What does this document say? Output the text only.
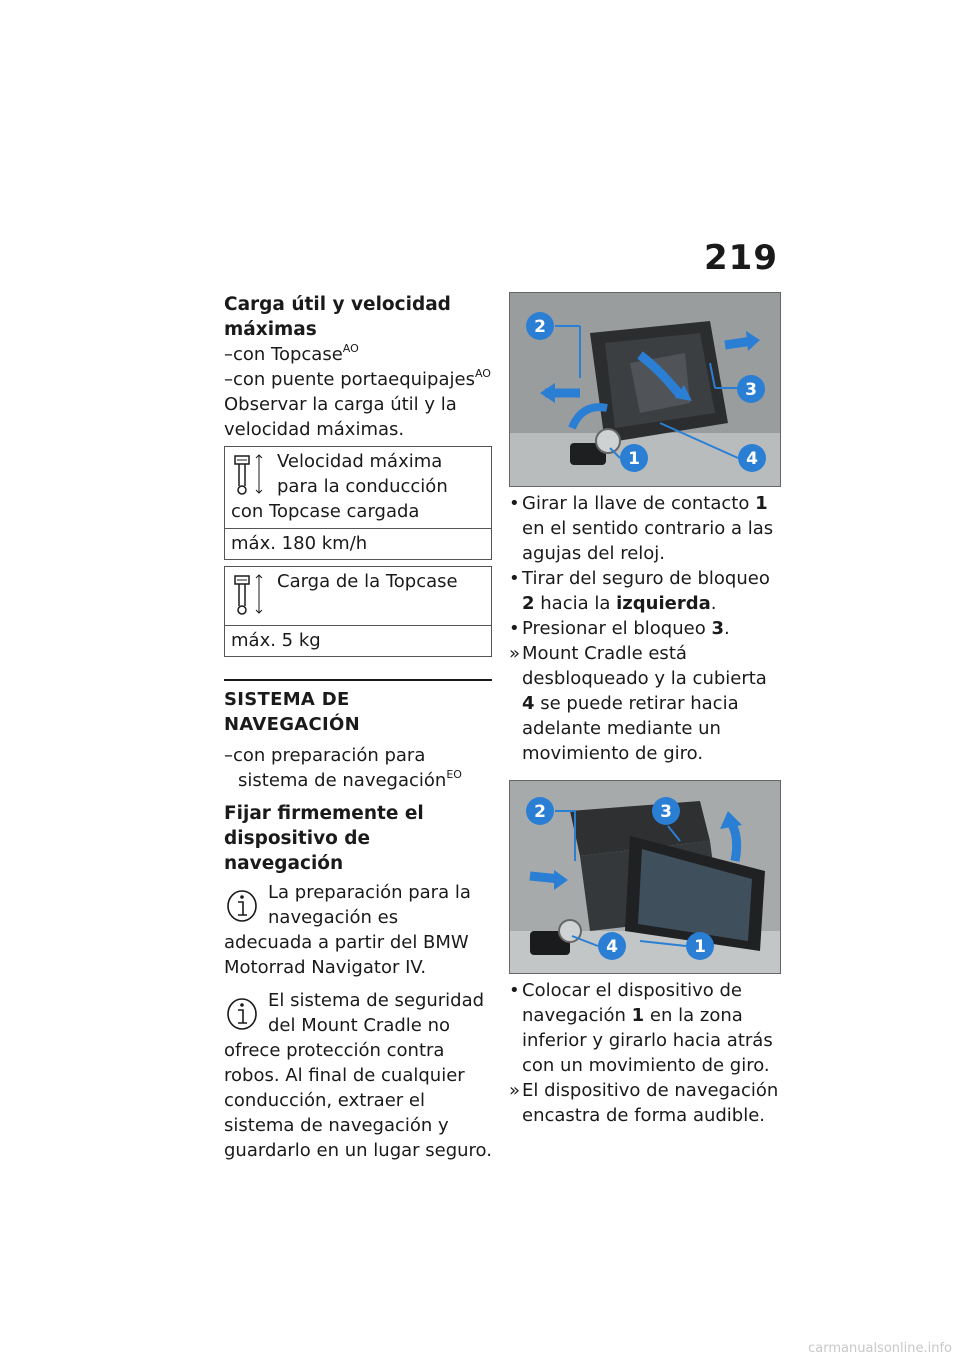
219

Carga útil y velocidad
máximas

–con Topcase$^{AO}$

–con puente portaequipajes$^{AO}$

Observar la carga útil y la velocidad máximas.

Velocidad máxima para la conducción con Topcase cargada
máx. 180 km/h
Carga de la Topcase
máx. 5 kg
SISTEMA DE NAVEGACIÓN

–con preparación para sistema de navegación$^{EO}$

Fijar firmemente el
dispositivo de navegación

La preparación para la navegación es adecuada a partir del BMW Motorrad Navigator IV.
El sistema de seguridad del Mount Cradle no ofrece protección contra robos. Al final de cualquier conducción, extraer el sistema de navegación y guardarlo en un lugar seguro.
2
1
3
4
• Girar la llave de contacto 1 en el sentido contrario a las agujas del reloj.
• Tirar del seguro de bloqueo 2 hacia la izquierda.
• Presionar el bloqueo 3.
» Mount Cradle está desbloqueado y la cubierta 4 se puede retirar hacia adelante mediante un movimiento de giro.
2	3
4	1
• Colocar el dispositivo de navegación 1 en la zona inferior y girarlo hacia atrás con un movimiento de giro.
» El dispositivo de navegación encastra de forma audible.
carmanualsonline.info
